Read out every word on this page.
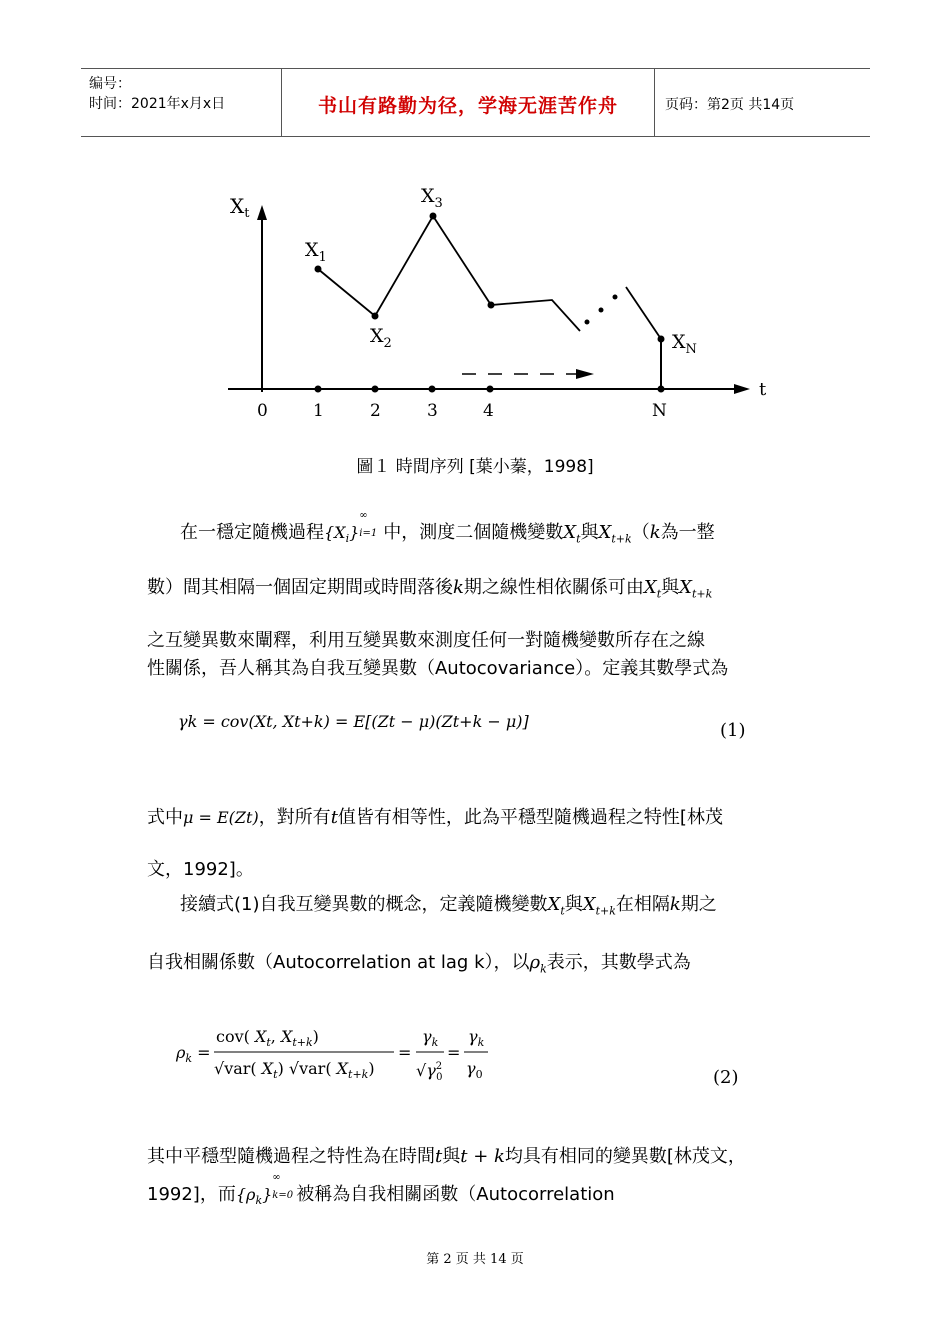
编号：
时间：2021年x月x日	书山有路勤为径，学海无涯苦作舟	页码：第2页 共14页
$X_t$
t
0	1	2	3	4	N
$X_1$
$X_2$
$X_3$
$X_N$
圖１ 時間序列 [葉小蓁，1998]
在一穩定隨機過程$\{X_i\}$
∞
i=1 中，測度二個隨機變數$X_t$與$X_{t+k}(k$為一整
數）間其相隔一個固定期間或時間落後k期之線性相依關係可由$X_t$與$X_{t+k}$
之互變異數來闡釋，利用互變異數來測度任何一對隨機變數所存在之線
性關係，吾人稱其為自我互變異數（Autocovariance）。定義其數學式為
γk = cov(Xt, Xt+k) = E[(Zt − μ)(Zt+k − μ)]	(1)
式中μ = E(Zt)，對所有t值皆有相等性，此為平穩型隨機過程之特性[林茂
文，1992]。
接續式(1)自我互變異數的概念，定義隨機變數$X_t$與$X_{t+k}$在相隔k期之
自我相關係數（Autocorrelation at lag k），以$\rho_k$表示，其數學式為
$\rho_k$ =
cov( $X_t$, $X_{t+k}$)
√var( $X_t$) √var( $X_{t+k}$)
=
$\gamma_k$
$√\gamma^2$ 0
=
$\gamma_k$
$\gamma_0$	(2)
其中平穩型隨機過程之特性為在時間t與t + k均具有相同的變異數[林茂文，
1992]，而$\{\rho_k\}$
∞
k=0 被稱為自我相關函數（Autocorrelation
第 2 页 共 14 页
